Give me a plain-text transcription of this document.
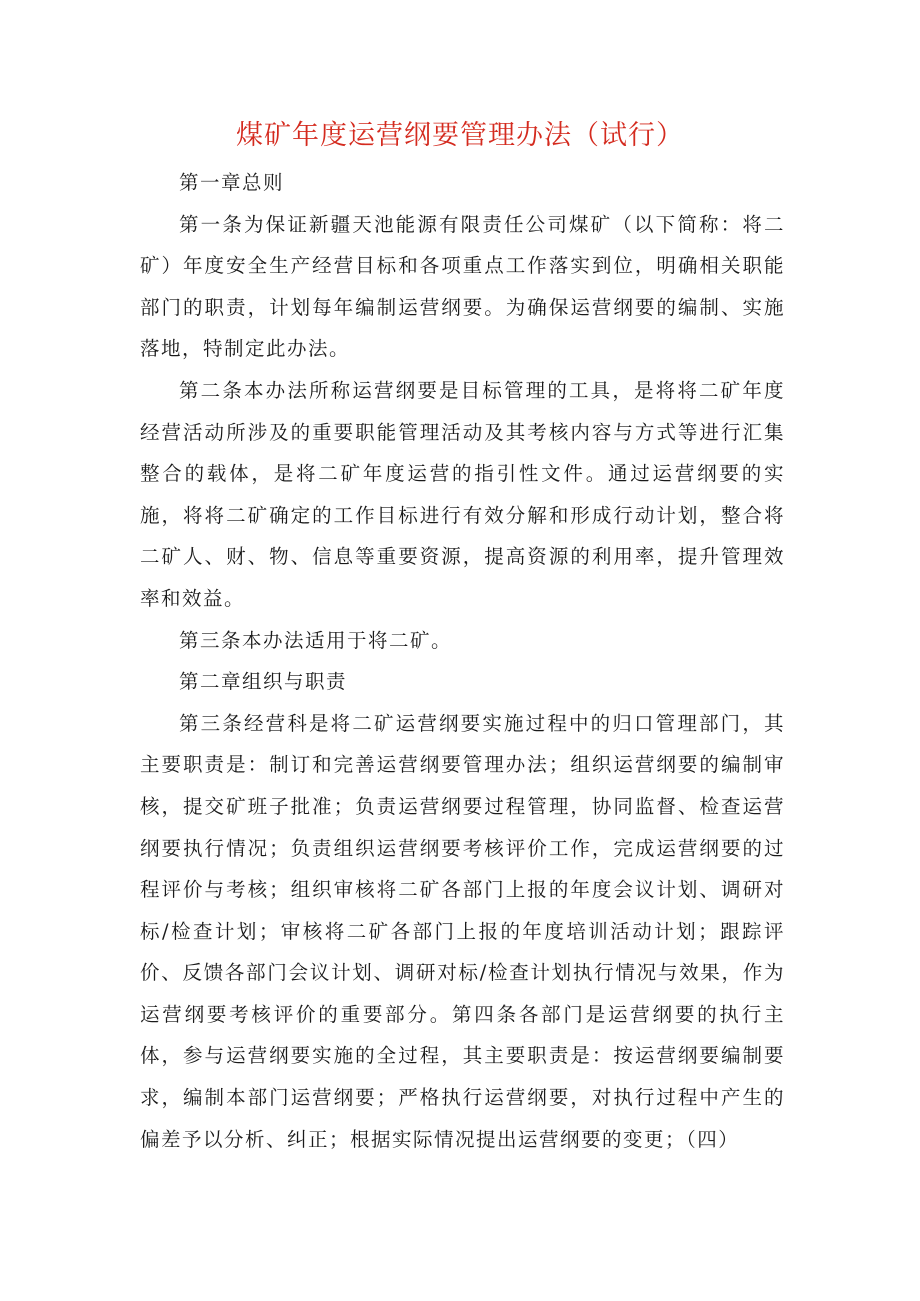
煤矿年度运营纲要管理办法（试行）

第一章总则

第一条为保证新疆天池能源有限责任公司煤矿（以下简称：将二矿）年度安全生产经营目标和各项重点工作落实到位，明确相关职能部门的职责，计划每年编制运营纲要。为确保运营纲要的编制、实施落地，特制定此办法。

第二条本办法所称运营纲要是目标管理的工具，是将将二矿年度经营活动所涉及的重要职能管理活动及其考核内容与方式等进行汇集整合的载体，是将二矿年度运营的指引性文件。通过运营纲要的实施，将将二矿确定的工作目标进行有效分解和形成行动计划，整合将二矿人、财、物、信息等重要资源，提高资源的利用率，提升管理效率和效益。

第三条本办法适用于将二矿。

第二章组织与职责

第三条经营科是将二矿运营纲要实施过程中的归口管理部门，其主要职责是：制订和完善运营纲要管理办法；组织运营纲要的编制审核，提交矿班子批准；负责运营纲要过程管理，协同监督、检查运营纲要执行情况；负责组织运营纲要考核评价工作，完成运营纲要的过程评价与考核；组织审核将二矿各部门上报的年度会议计划、调研对标/检查计划；审核将二矿各部门上报的年度培训活动计划；跟踪评价、反馈各部门会议计划、调研对标/检查计划执行情况与效果，作为运营纲要考核评价的重要部分。第四条各部门是运营纲要的执行主体，参与运营纲要实施的全过程，其主要职责是：按运营纲要编制要求，编制本部门运营纲要；严格执行运营纲要，对执行过程中产生的偏差予以分析、纠正；根据实际情况提出运营纲要的变更；（四）
